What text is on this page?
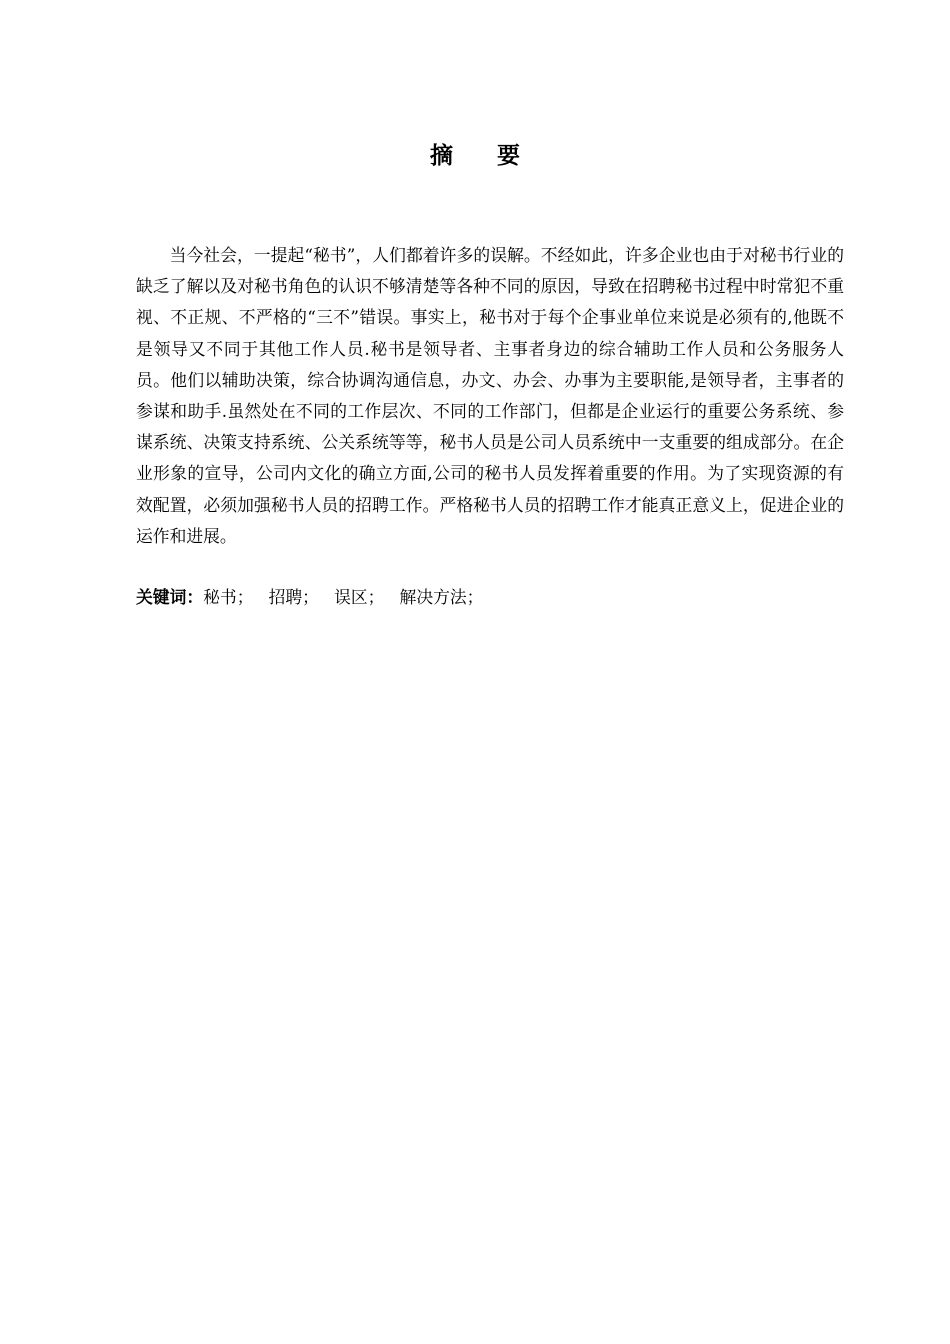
摘 要

当今社会，一提起“秘书”，人们都着许多的误解。不经如此，许多企业也由于对秘书行业的缺乏了解以及对秘书角色的认识不够清楚等各种不同的原因，导致在招聘秘书过程中时常犯不重视、不正规、不严格的“三不”错误。事实上，秘书对于每个企事业单位来说是必须有的,他既不是领导又不同于其他工作人员.秘书是领导者、主事者身边的综合辅助工作人员和公务服务人员。他们以辅助决策，综合协调沟通信息，办文、办会、办事为主要职能,是领导者，主事者的参谋和助手.虽然处在不同的工作层次、不同的工作部门，但都是企业运行的重要公务系统、参谋系统、决策支持系统、公关系统等等，秘书人员是公司人员系统中一支重要的组成部分。在企业形象的宣导，公司内文化的确立方面,公司的秘书人员发挥着重要的作用。为了实现资源的有效配置，必须加强秘书人员的招聘工作。严格秘书人员的招聘工作才能真正意义上，促进企业的运作和进展。

关键词：秘书； 招聘； 误区； 解决方法；
